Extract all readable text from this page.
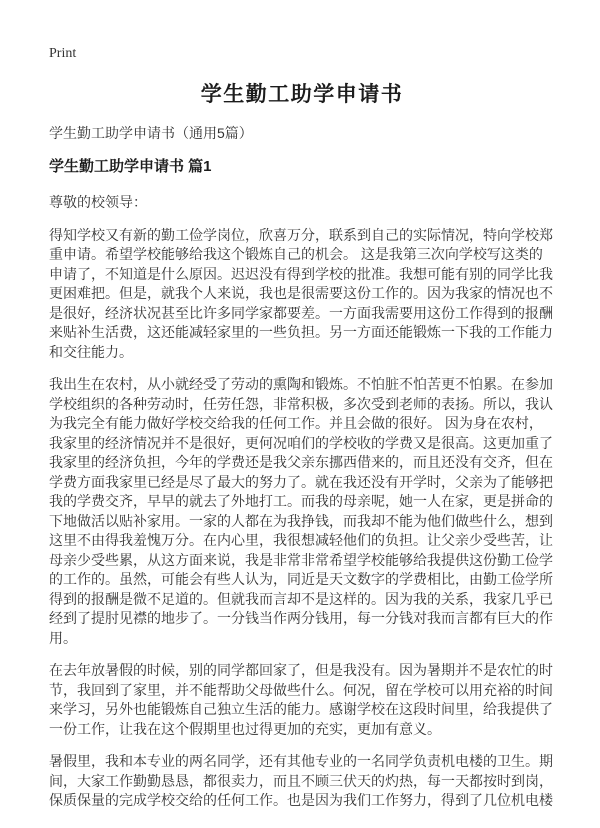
Print
学生勤工助学申请书
学生勤工助学申请书（通用5篇）
学生勤工助学申请书 篇1

尊敬的校领导：

得知学校又有新的勤工俭学岗位，欣喜万分，联系到自己的实际情况，特向学校郑重申请。希望学校能够给我这个锻炼自己的机会。 这是我第三次向学校写这类的申请了，不知道是什么原因。迟迟没有得到学校的批准。我想可能有别的同学比我更困难把。但是，就我个人来说，我也是很需要这份工作的。因为我家的情况也不是很好，经济状况甚至比许多同学家都要差。一方面我需要用这份工作得到的报酬来贴补生活费，这还能减轻家里的一些负担。另一方面还能锻炼一下我的工作能力和交往能力。

我出生在农村，从小就经受了劳动的熏陶和锻炼。不怕脏不怕苦更不怕累。在参加学校组织的各种劳动时，任劳任怨，非常积极，多次受到老师的表扬。所以，我认为我完全有能力做好学校交给我的任何工作。并且会做的很好。 因为身在农村，我家里的经济情况并不是很好，更何况咱们的学校收的学费又是很高。这更加重了我家里的经济负担，今年的学费还是我父亲东挪西借来的，而且还没有交齐，但在学费方面我家里已经是尽了最大的努力了。就在我还没有开学时，父亲为了能够把我的学费交齐，早早的就去了外地打工。而我的母亲呢，她一人在家，更是拼命的下地做活以贴补家用。一家的人都在为我挣钱，而我却不能为他们做些什么，想到这里不由得我羞愧万分。在内心里，我很想减轻他们的负担。让父亲少受些苦，让母亲少受些累，从这方面来说，我是非常非常希望学校能够给我提供这份勤工俭学的工作的。虽然，可能会有些人认为，同近是天文数字的学费相比，由勤工俭学所得到的报酬是微不足道的。但就我而言却不是这样的。因为我的关系，我家几乎已经到了提肘见襟的地步了。一分钱当作两分钱用，每一分钱对我而言都有巨大的作用。

在去年放暑假的时候，别的同学都回家了，但是我没有。因为暑期并不是农忙的时节，我回到了家里，并不能帮助父母做些什么。何况，留在学校可以用充裕的时间来学习，另外也能锻炼自己独立生活的能力。感谢学校在这段时间里，给我提供了一份工作，让我在这个假期里也过得更加的充实，更加有意义。

暑假里，我和本专业的两名同学，还有其他专业的一名同学负责机电楼的卫生。期间，大家工作勤勤恳恳，都很卖力，而且不顾三伏天的灼热，每一天都按时到岗，保质保量的完成学校交给的任何工作。也是因为我们工作努力，得到了几位机电楼
